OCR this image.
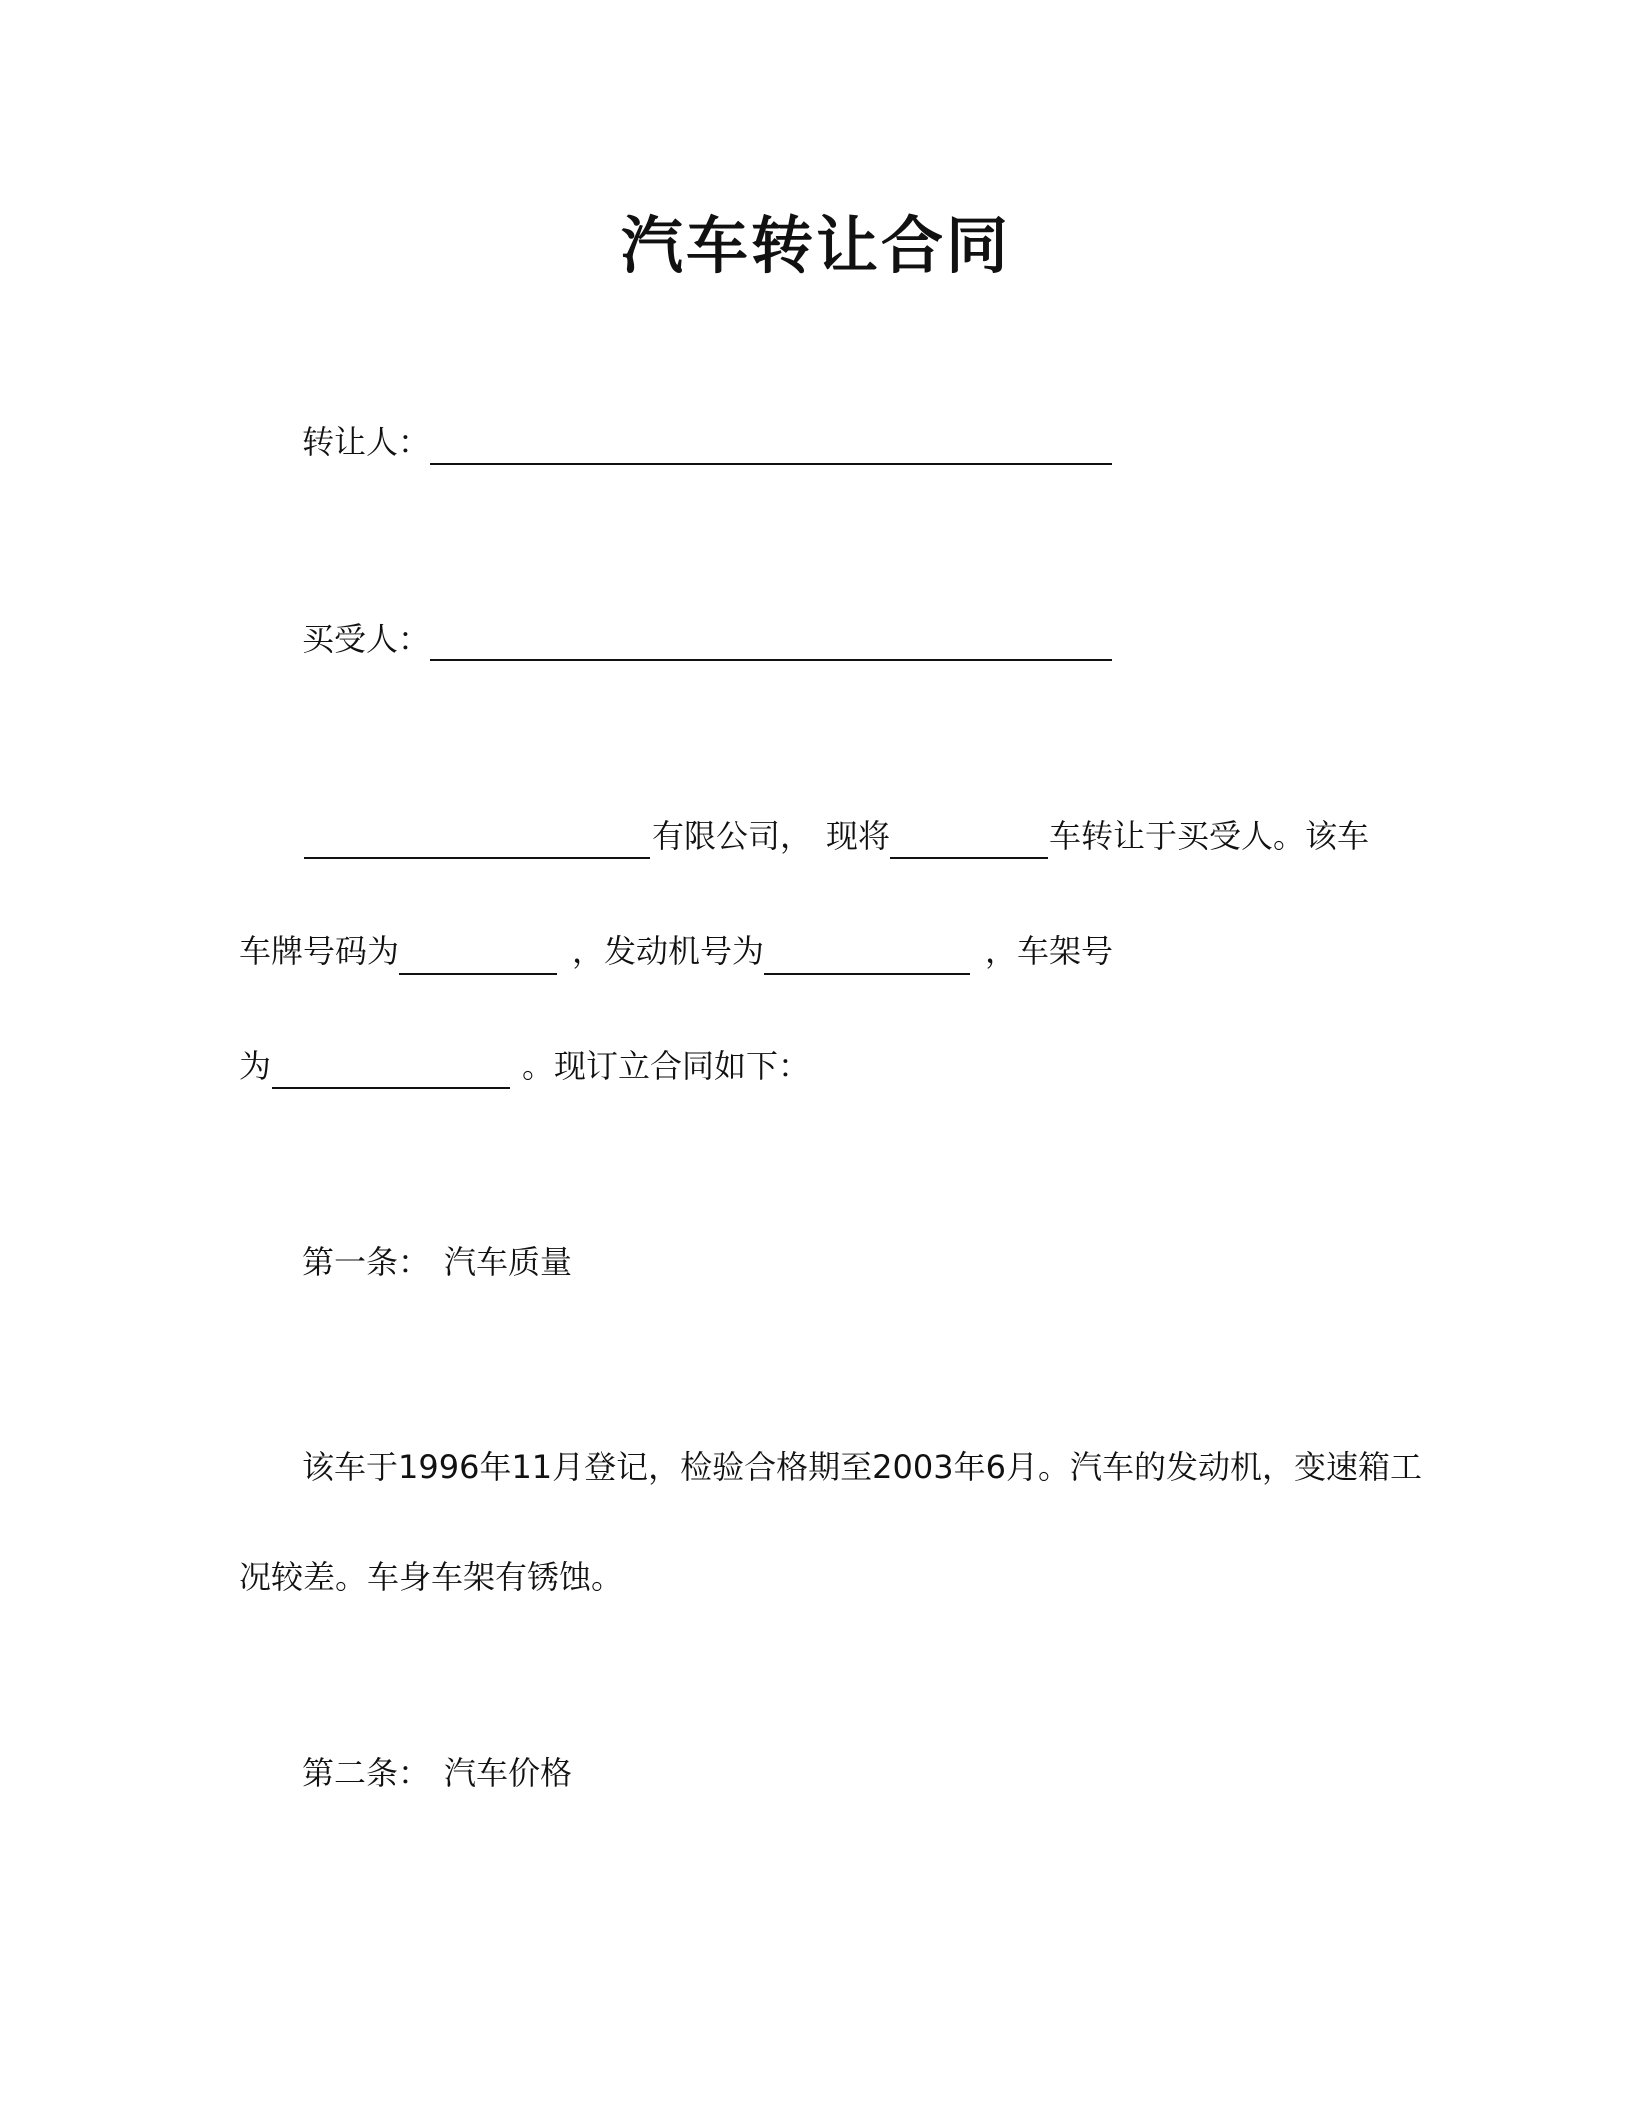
汽车转让合同
转让人：
买受人：
有限公司， 现将	车转让于买受人。该车
车牌号码为	，发动机号为	，车架号
为	。现订立合同如下：
第一条： 汽车质量
该车于1996年11月登记，检验合格期至2003年6月。汽车的发动机，变速箱工
况较差。车身车架有锈蚀。
第二条： 汽车价格
